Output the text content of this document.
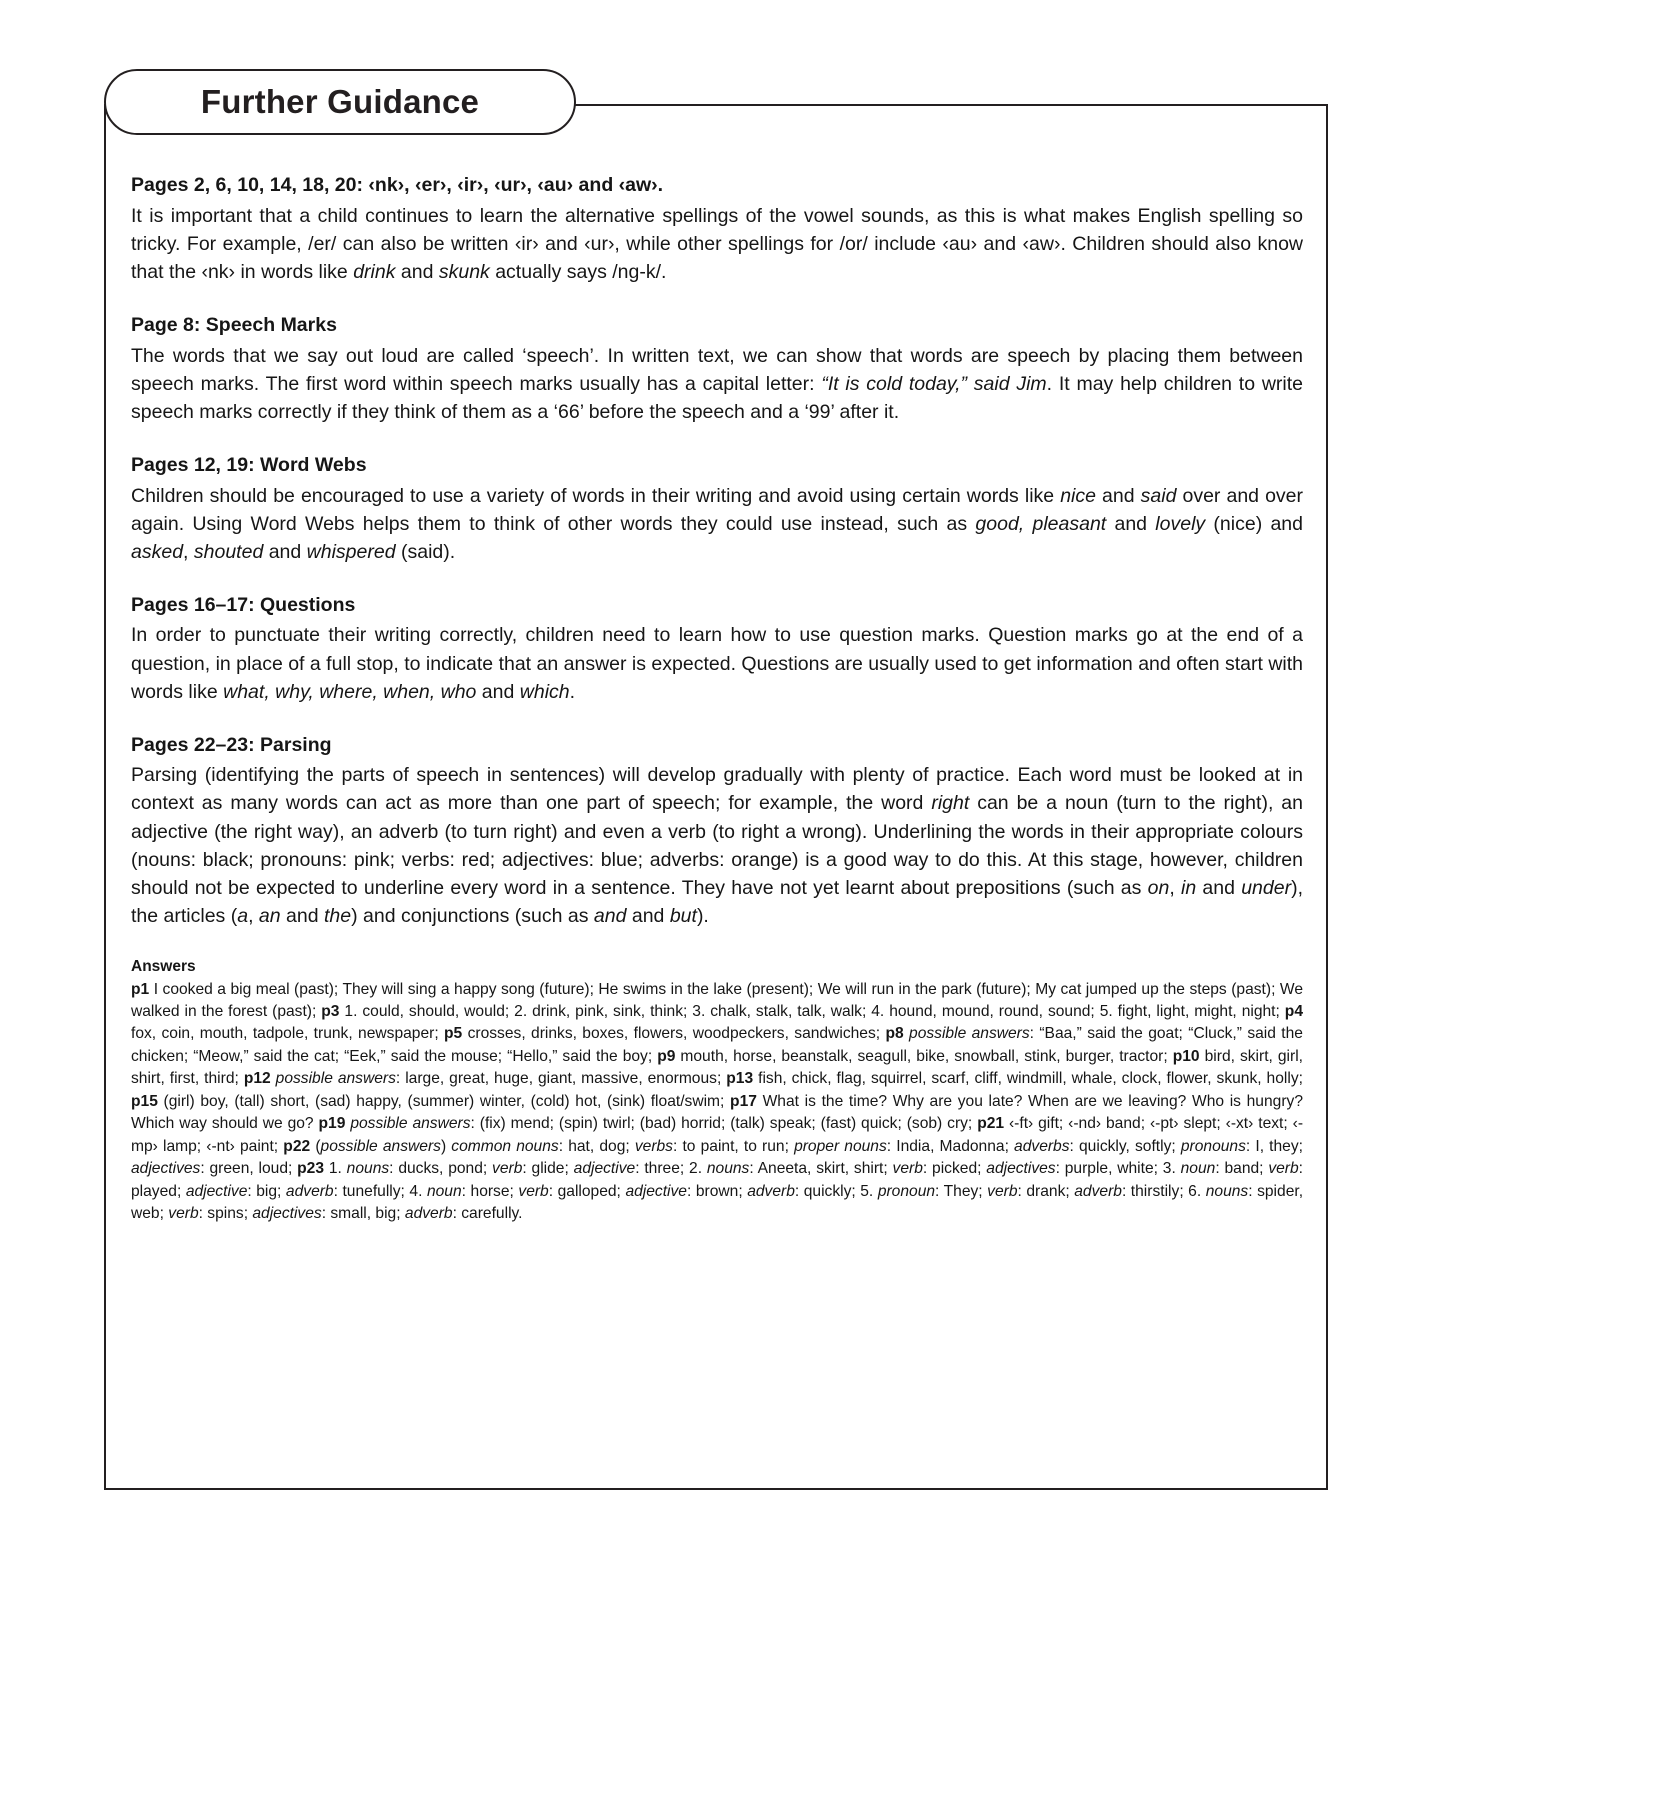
Further Guidance
Pages 2, 6, 10, 14, 18, 20: ‹nk›, ‹er›, ‹ir›, ‹ur›, ‹au› and ‹aw›.

It is important that a child continues to learn the alternative spellings of the vowel sounds, as this is what makes English spelling so tricky. For example, /er/ can also be written ‹ir› and ‹ur›, while other spellings for /or/ include ‹au› and ‹aw›. Children should also know that the ‹nk› in words like drink and skunk actually says /ng-k/.

Page 8: Speech Marks

The words that we say out loud are called ‘speech’. In written text, we can show that words are speech by placing them between speech marks. The first word within speech marks usually has a capital letter: “It is cold today,” said Jim. It may help children to write speech marks correctly if they think of them as a ‘66’ before the speech and a ‘99’ after it.

Pages 12, 19: Word Webs

Children should be encouraged to use a variety of words in their writing and avoid using certain words like nice and said over and over again. Using Word Webs helps them to think of other words they could use instead, such as good, pleasant and lovely (nice) and asked, shouted and whispered (said).

Pages 16–17: Questions

In order to punctuate their writing correctly, children need to learn how to use question marks. Question marks go at the end of a question, in place of a full stop, to indicate that an answer is expected. Questions are usually used to get information and often start with words like what, why, where, when, who and which.

Pages 22–23: Parsing

Parsing (identifying the parts of speech in sentences) will develop gradually with plenty of practice. Each word must be looked at in context as many words can act as more than one part of speech; for example, the word right can be a noun (turn to the right), an adjective (the right way), an adverb (to turn right) and even a verb (to right a wrong). Underlining the words in their appropriate colours (nouns: black; pronouns: pink; verbs: red; adjectives: blue; adverbs: orange) is a good way to do this. At this stage, however, children should not be expected to underline every word in a sentence. They have not yet learnt about prepositions (such as on, in and under), the articles (a, an and the) and conjunctions (such as and and but).

Answers

p1 I cooked a big meal (past); They will sing a happy song (future); He swims in the lake (present); We will run in the park (future); My cat jumped up the steps (past); We walked in the forest (past); p3 1. could, should, would; 2. drink, pink, sink, think; 3. chalk, stalk, talk, walk; 4. hound, mound, round, sound; 5. fight, light, might, night; p4 fox, coin, mouth, tadpole, trunk, newspaper; p5 crosses, drinks, boxes, flowers, woodpeckers, sandwiches; p8 possible answers: “Baa,” said the goat; “Cluck,” said the chicken; “Meow,” said the cat; “Eek,” said the mouse; “Hello,” said the boy; p9 mouth, horse, beanstalk, seagull, bike, snowball, stink, burger, tractor; p10 bird, skirt, girl, shirt, first, third; p12 possible answers: large, great, huge, giant, massive, enormous; p13 fish, chick, flag, squirrel, scarf, cliff, windmill, whale, clock, flower, skunk, holly; p15 (girl) boy, (tall) short, (sad) happy, (summer) winter, (cold) hot, (sink) float/swim; p17 What is the time? Why are you late? When are we leaving? Who is hungry? Which way should we go? p19 possible answers: (fix) mend; (spin) twirl; (bad) horrid; (talk) speak; (fast) quick; (sob) cry; p21 ‹-ft› gift; ‹-nd› band; ‹-pt› slept; ‹-xt› text; ‹-mp› lamp; ‹-nt› paint; p22 (possible answers) common nouns: hat, dog; verbs: to paint, to run; proper nouns: India, Madonna; adverbs: quickly, softly; pronouns: I, they; adjectives: green, loud; p23 1. nouns: ducks, pond; verb: glide; adjective: three; 2. nouns: Aneeta, skirt, shirt; verb: picked; adjectives: purple, white; 3. noun: band; verb: played; adjective: big; adverb: tunefully; 4. noun: horse; verb: galloped; adjective: brown; adverb: quickly; 5. pronoun: They; verb: drank; adverb: thirstily; 6. nouns: spider, web; verb: spins; adjectives: small, big; adverb: carefully.
